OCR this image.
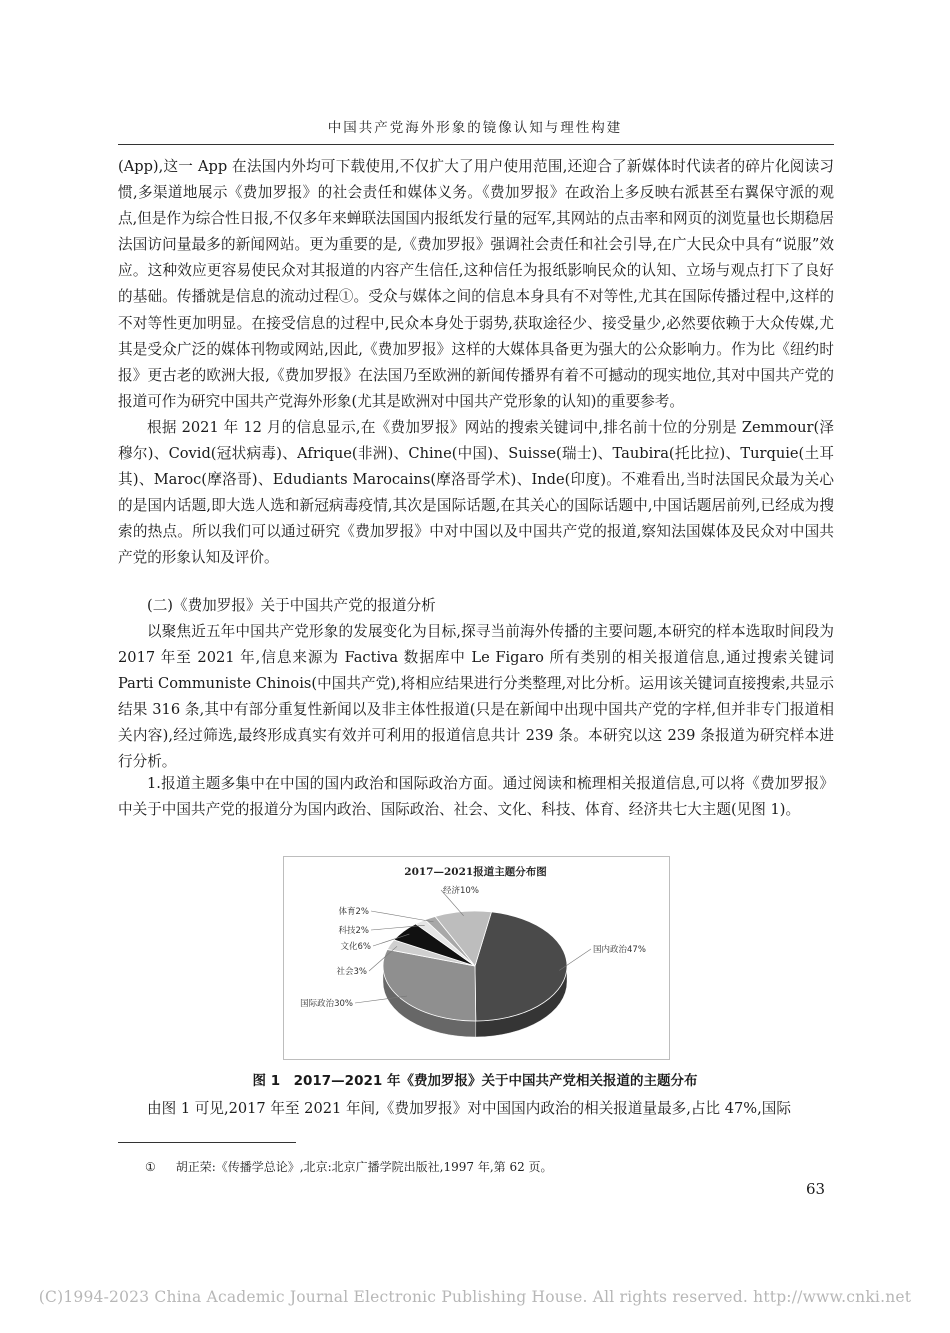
中国共产党海外形象的镜像认知与理性构建

(App),这一 App 在法国内外均可下载使用,不仅扩大了用户使用范围,还迎合了新媒体时代读者的碎片化阅读习惯,多渠道地展示《费加罗报》的社会责任和媒体义务。《费加罗报》在政治上多反映右派甚至右翼保守派的观点,但是作为综合性日报,不仅多年来蝉联法国国内报纸发行量的冠军,其网站的点击率和网页的浏览量也长期稳居法国访问量最多的新闻网站。更为重要的是,《费加罗报》强调社会责任和社会引导,在广大民众中具有“说服”效应。这种效应更容易使民众对其报道的内容产生信任,这种信任为报纸影响民众的认知、立场与观点打下了良好的基础。传播就是信息的流动过程①。受众与媒体之间的信息本身具有不对等性,尤其在国际传播过程中,这样的不对等性更加明显。在接受信息的过程中,民众本身处于弱势,获取途径少、接受量少,必然要依赖于大众传媒,尤其是受众广泛的媒体刊物或网站,因此,《费加罗报》这样的大媒体具备更为强大的公众影响力。作为比《纽约时报》更古老的欧洲大报,《费加罗报》在法国乃至欧洲的新闻传播界有着不可撼动的现实地位,其对中国共产党的报道可作为研究中国共产党海外形象(尤其是欧洲对中国共产党形象的认知)的重要参考。

根据 2021 年 12 月的信息显示,在《费加罗报》网站的搜索关键词中,排名前十位的分别是 Zemmour(泽穆尔)、Covid(冠状病毒)、Afrique(非洲)、Chine(中国)、Suisse(瑞士)、Taubira(托比拉)、Turquie(土耳其)、Maroc(摩洛哥)、Edudiants Marocains(摩洛哥学术)、Inde(印度)。不难看出,当时法国民众最为关心的是国内话题,即大选人选和新冠病毒疫情,其次是国际话题,在其关心的国际话题中,中国话题居前列,已经成为搜索的热点。所以我们可以通过研究《费加罗报》中对中国以及中国共产党的报道,察知法国媒体及民众对中国共产党的形象认知及评价。

(二)《费加罗报》关于中国共产党的报道分析

以聚焦近五年中国共产党形象的发展变化为目标,探寻当前海外传播的主要问题,本研究的样本选取时间段为 2017 年至 2021 年,信息来源为 Factiva 数据库中 Le Figaro 所有类别的相关报道信息,通过搜索关键词 Parti Communiste Chinois(中国共产党),将相应结果进行分类整理,对比分析。运用该关键词直接搜索,共显示结果 316 条,其中有部分重复性新闻以及非主体性报道(只是在新闻中出现中国共产党的字样,但并非专门报道相关内容),经过筛选,最终形成真实有效并可利用的报道信息共计 239 条。本研究以这 239 条报道为研究样本进行分析。

1.报道主题多集中在中国的国内政治和国际政治方面。通过阅读和梳理相关报道信息,可以将《费加罗报》中关于中国共产党的报道分为国内政治、国际政治、社会、文化、科技、体育、经济共七大主题(见图 1)。

2017—2021报道主题分布图
国内政治47%
国际政治30%
社会3%
文化6%
科技2%
体育2%
经济10%
图 1　2017—2021 年《费加罗报》关于中国共产党相关报道的主题分布

由图 1 可见,2017 年至 2021 年间,《费加罗报》对中国国内政治的相关报道量最多,占比 47%,国际

① 胡正荣:《传播学总论》,北京:北京广播学院出版社,1997 年,第 62 页。
63
(C)1994-2023 China Academic Journal Electronic Publishing House. All rights reserved. http://www.cnki.net
